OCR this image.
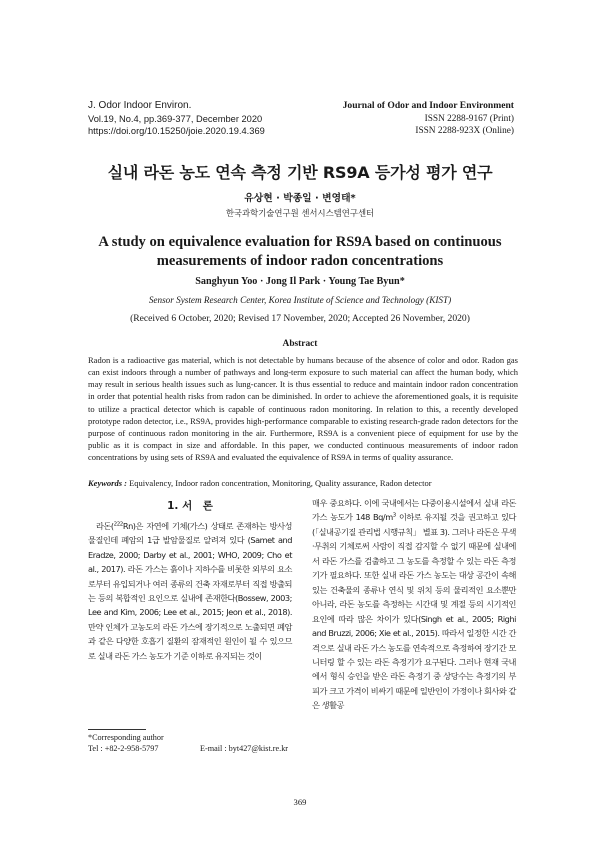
J. Odor Indoor Environ.
Vol.19, No.4, pp.369-377, December 2020
https://doi.org/10.15250/joie.2020.19.4.369
Journal of Odor and Indoor Environment
ISSN 2288-9167 (Print)
ISSN 2288-923X (Online)
실내 라돈 농도 연속 측정 기반 RS9A 등가성 평가 연구
유상현 · 박종일 · 변영태*
한국과학기술연구원 센서시스템연구센터
A study on equivalence evaluation for RS9A based on continuous
measurements of indoor radon concentrations
Sanghyun Yoo · Jong Il Park · Young Tae Byun*
Sensor System Research Center, Korea Institute of Science and Technology (KIST)
(Received 6 October, 2020; Revised 17 November, 2020; Accepted 26 November, 2020)
Abstract
Radon is a radioactive gas material, which is not detectable by humans because of the absence of color and odor. Radon gas can exist indoors through a number of pathways and long-term exposure to such material can affect the human body, which may result in serious health issues such as lung-cancer. It is thus essential to reduce and maintain indoor radon concentration in order that potential health risks from radon can be diminished. In order to achieve the aforementioned goals, it is requisite to utilize a practical detector which is capable of continuous radon monitoring. In relation to this, a recently developed prototype radon detector, i.e., RS9A, provides high-performance comparable to existing research-grade radon detectors for the purpose of continuous radon monitoring in the air. Furthermore, RS9A is a convenient piece of equipment for use by the public as it is compact in size and affordable. In this paper, we conducted continuous measurements of indoor radon concentrations by using sets of RS9A and evaluated the equivalence of RS9A in terms of quality assurance.
Keywords : Equivalency, Indoor radon concentration, Monitoring, Quality assurance, Radon detector
1. 서　론
라돈($^{222}$Rn)은 자연에 기체(가스) 상태로 존재하는 방사성 물질인데 폐암의 1급 발암물질로 알려져 있다 (Samet and Eradze, 2000; Darby et al., 2001; WHO, 2009; Cho et al., 2017). 라돈 가스는 흙이나 지하수를 비롯한 외부의 요소로부터 유입되거나 여러 종류의 건축 자재로부터 직접 방출되는 등의 복합적인 요인으로 실내에 존재한다(Bossew, 2003; Lee and Kim, 2006; Lee et al., 2015; Jeon et al., 2018). 만약 인체가 고농도의 라돈 가스에 장기적으로 노출되면 폐암과 같은 다양한 호흡기 질환의 잠재적인 원인이 될 수 있으므로 실내 라돈 가스 농도가 기준 이하로 유지되는 것이
매우 중요하다. 이에 국내에서는 다중이용시설에서 실내 라돈 가스 농도가 148 $Bq/m^3$ 이하로 유지될 것을 권고하고 있다(「실내공기질 관리법 시행규칙」 별표 3). 그러나 라돈은 무색·무취의 기체로써 사람이 직접 감지할 수 없기 때문에 실내에서 라돈 가스를 검출하고 그 농도를 측정할 수 있는 라돈 측정기가 필요하다. 또한 실내 라돈 가스 농도는 대상 공간이 속해 있는 건축물의 종류나 연식 및 위치 등의 물리적인 요소뿐만 아니라, 라돈 농도를 측정하는 시간대 및 계절 등의 시기적인 요인에 따라 많은 차이가 있다(Singh et al., 2005; Righi and Bruzzi, 2006; Xie et al., 2015). 따라서 일정한 시간 간격으로 실내 라돈 가스 농도를 연속적으로 측정하여 장기간 모니터링 할 수 있는 라돈 측정기가 요구된다. 그러나 현재 국내에서 형식 승인을 받은 라돈 측정기 중 상당수는 측정기의 부피가 크고 가격이 비싸기 때문에 일반인이 가정이나 회사와 같은 생활공
*Corresponding author
Tel : +82-2-958-5797	E-mail : byt427@kist.re.kr
369
